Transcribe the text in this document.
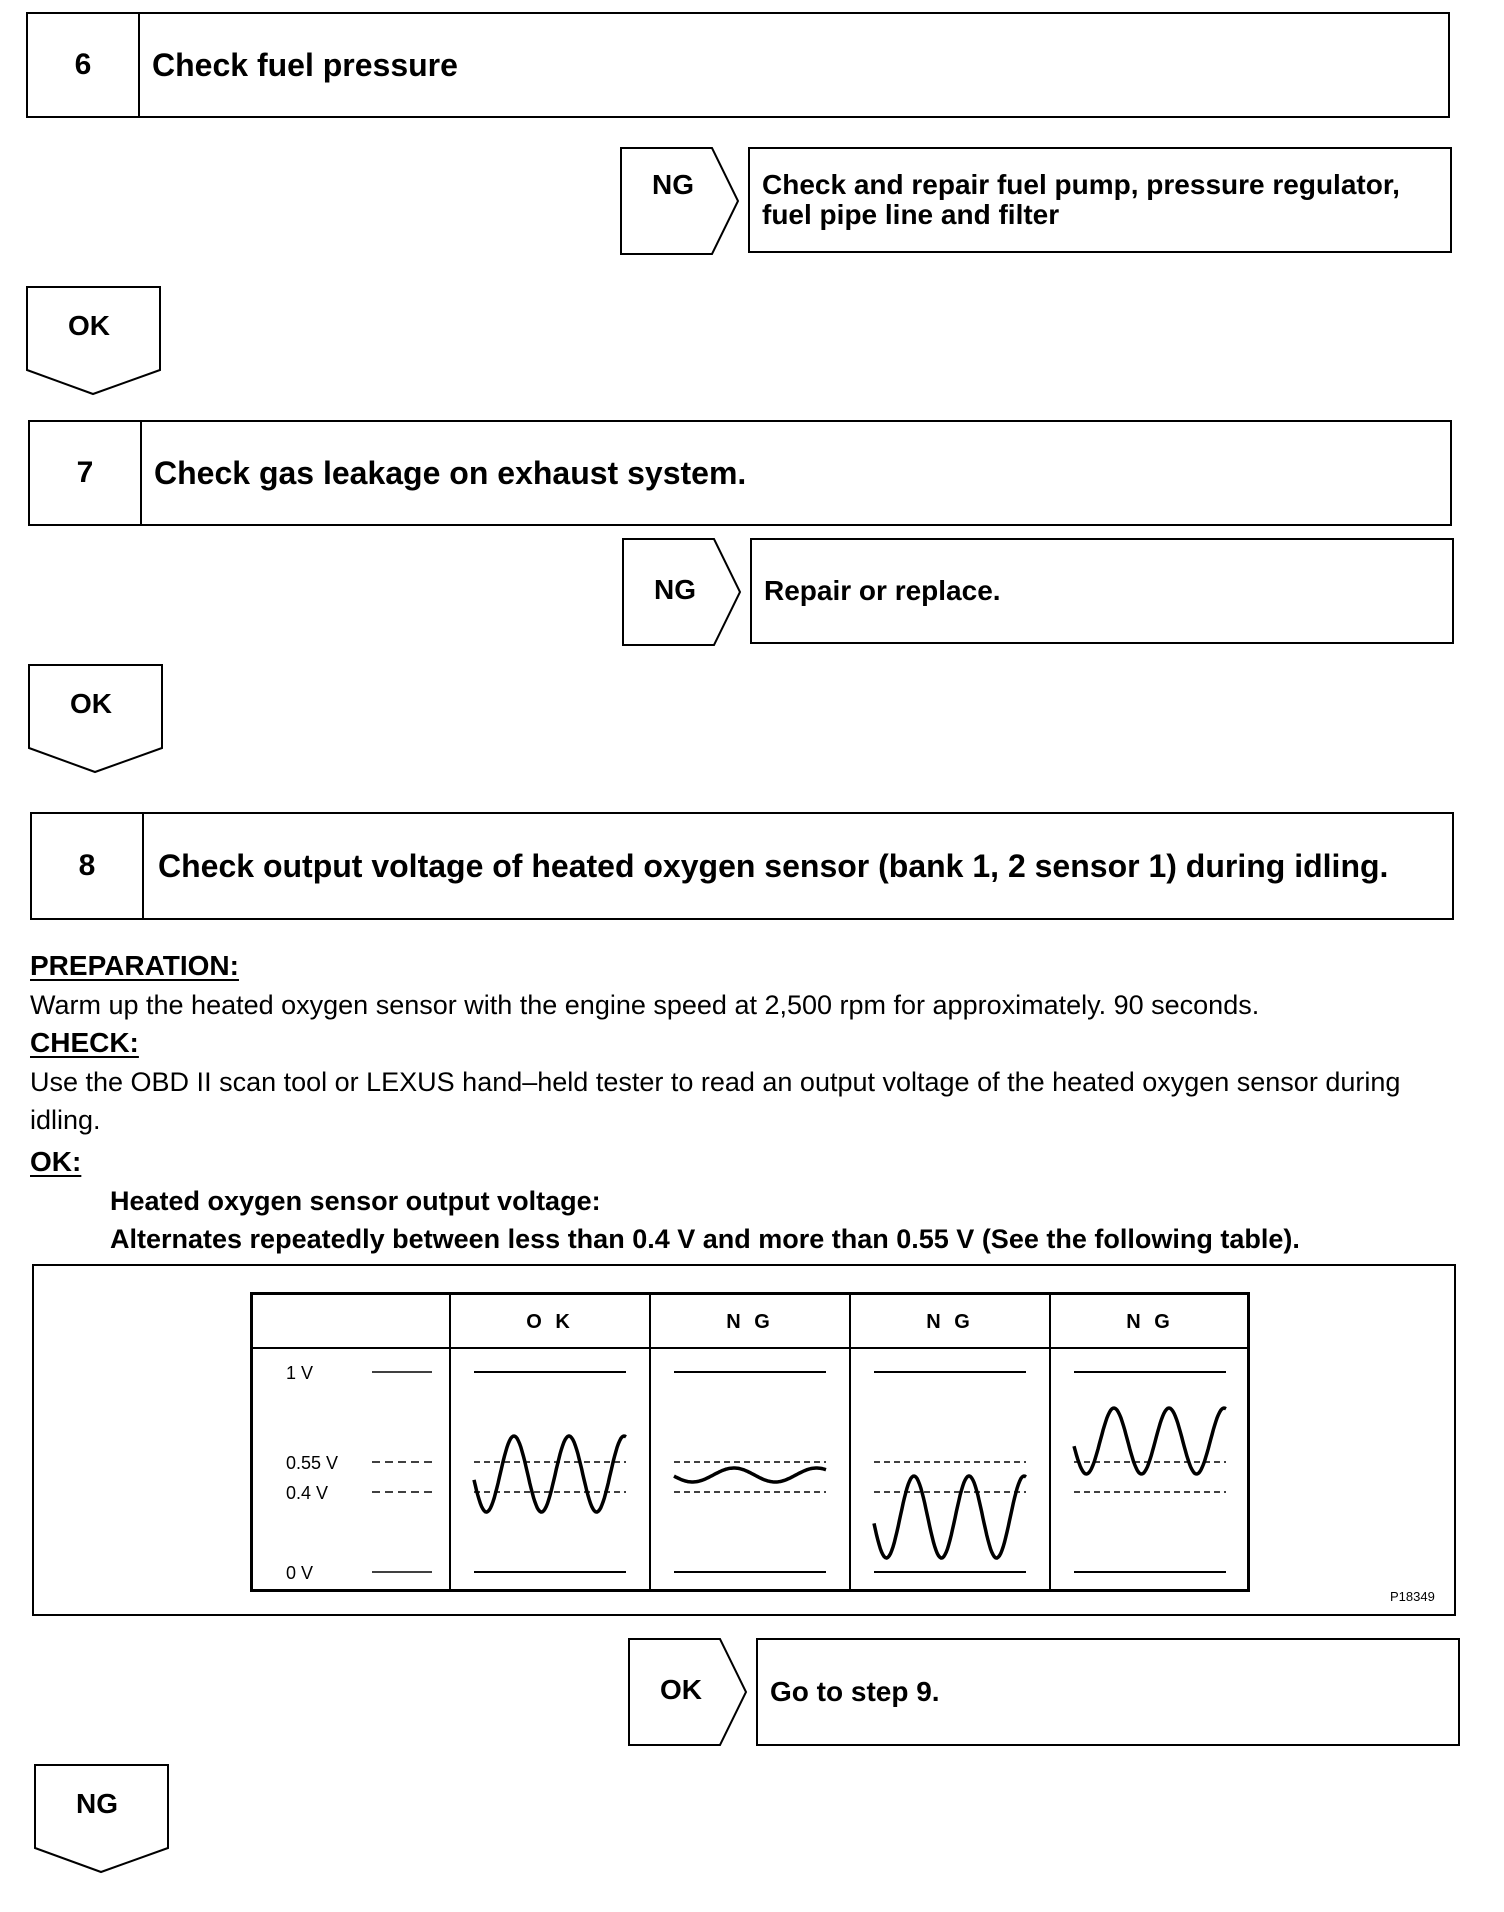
6	Check fuel pressure
NG	Check and repair fuel pump, pressure regulator, fuel pipe line and filter
OK
7	Check gas leakage on exhaust system.
NG	Repair or replace.
OK
8	Check output voltage of heated oxygen sensor (bank 1, 2 sensor 1) during idling.
PREPARATION:
Warm up the heated oxygen sensor with the engine speed at 2,500 rpm for approximately. 90 seconds.
CHECK:
Use the OBD II scan tool or LEXUS hand–held tester to read an output voltage of the heated oxygen sensor during idling.
OK:
Heated oxygen sensor output voltage:
Alternates repeatedly between less than 0.4 V and more than 0.55 V (See the following table).
O K	N G	N G	N G
1 V
0.55 V
0.4 V
0 V
P18349
OK	Go to step 9.
NG
